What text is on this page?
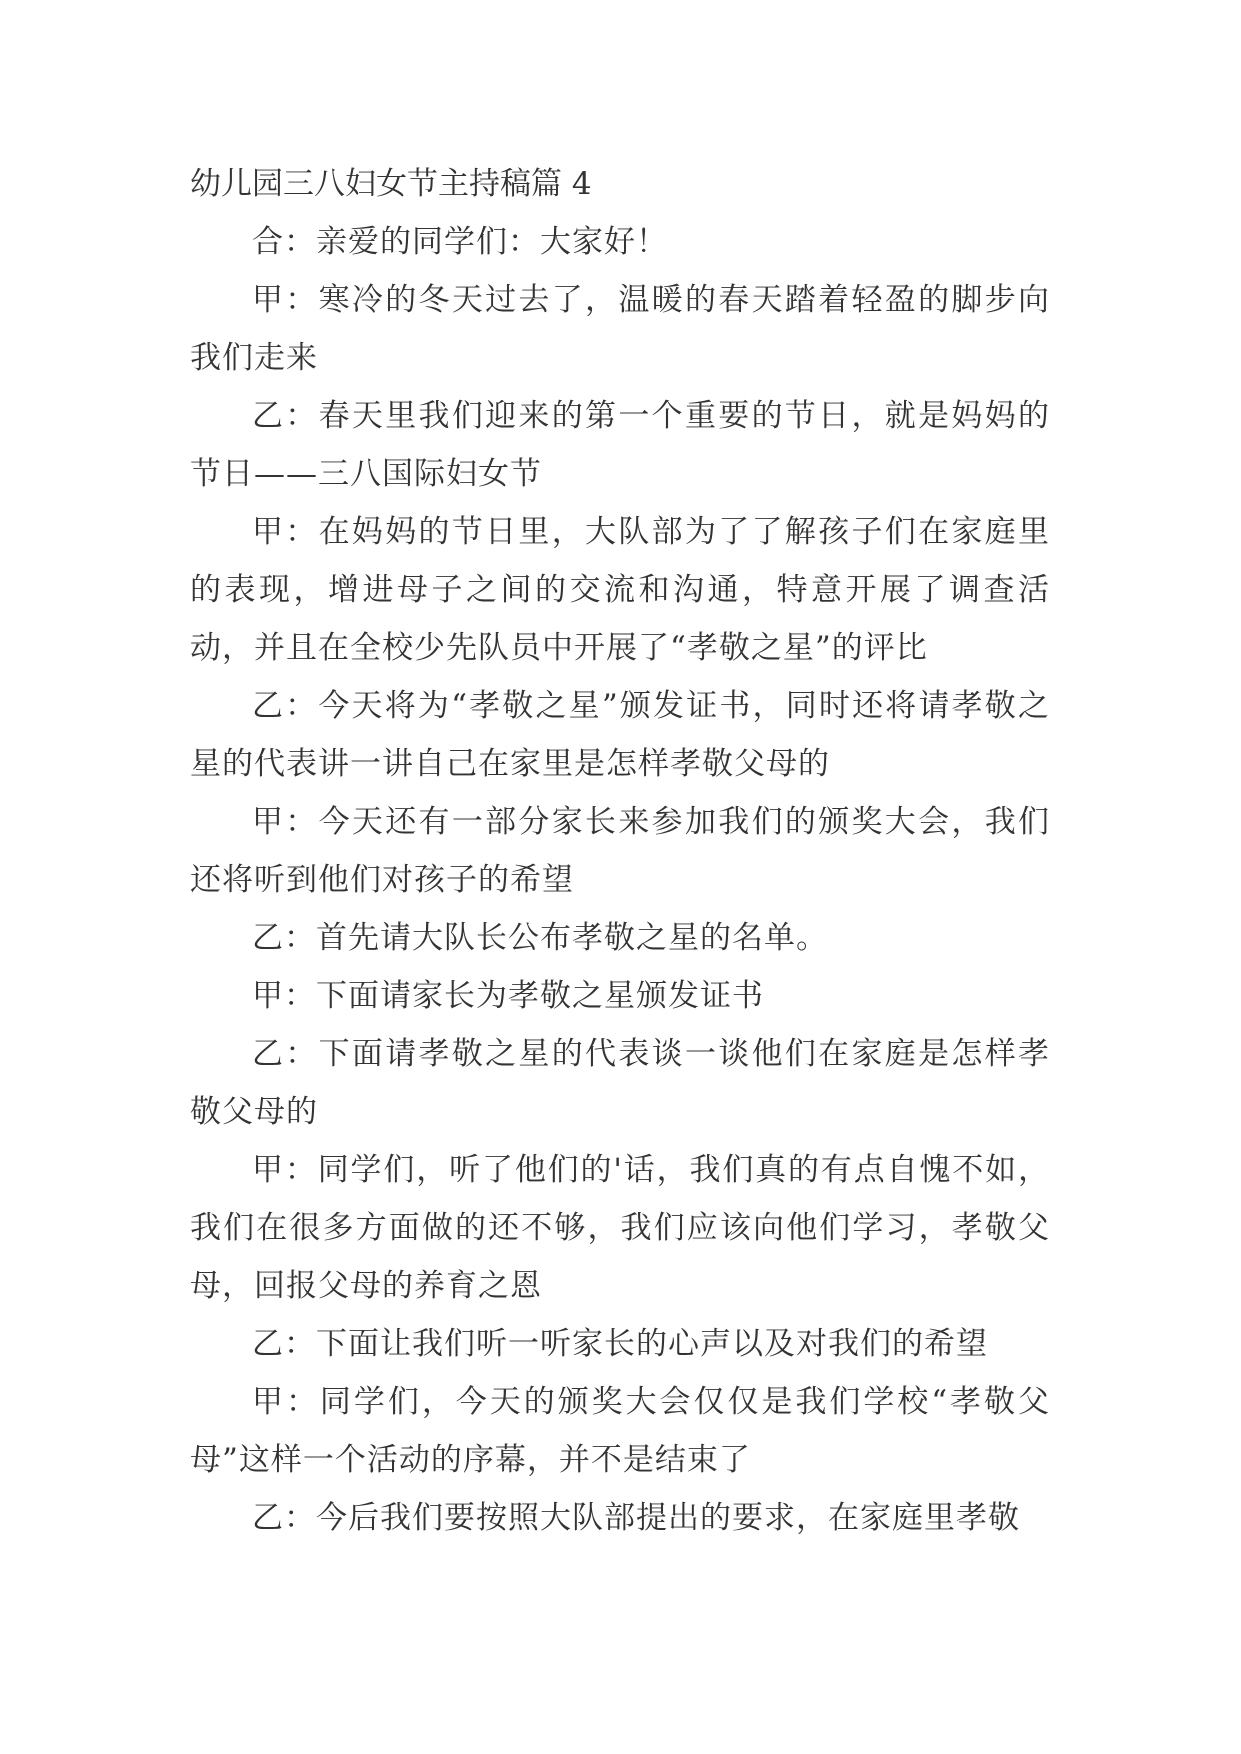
幼儿园三八妇女节主持稿篇 4

合：亲爱的同学们：大家好！

甲：寒冷的冬天过去了，温暖的春天踏着轻盈的脚步向我们走来

乙：春天里我们迎来的第一个重要的节日，就是妈妈的节日——三八国际妇女节

甲：在妈妈的节日里，大队部为了了解孩子们在家庭里的表现，增进母子之间的交流和沟通，特意开展了调查活动，并且在全校少先队员中开展了“孝敬之星”的评比

乙：今天将为“孝敬之星”颁发证书，同时还将请孝敬之星的代表讲一讲自己在家里是怎样孝敬父母的

甲：今天还有一部分家长来参加我们的颁奖大会，我们还将听到他们对孩子的希望

乙：首先请大队长公布孝敬之星的名单。

甲：下面请家长为孝敬之星颁发证书

乙：下面请孝敬之星的代表谈一谈他们在家庭是怎样孝敬父母的

甲：同学们，听了他们的'话，我们真的有点自愧不如，我们在很多方面做的还不够，我们应该向他们学习，孝敬父母，回报父母的养育之恩

乙：下面让我们听一听家长的心声以及对我们的希望

甲：同学们，今天的颁奖大会仅仅是我们学校“孝敬父母”这样一个活动的序幕，并不是结束了

乙：今后我们要按照大队部提出的要求，在家庭里孝敬
